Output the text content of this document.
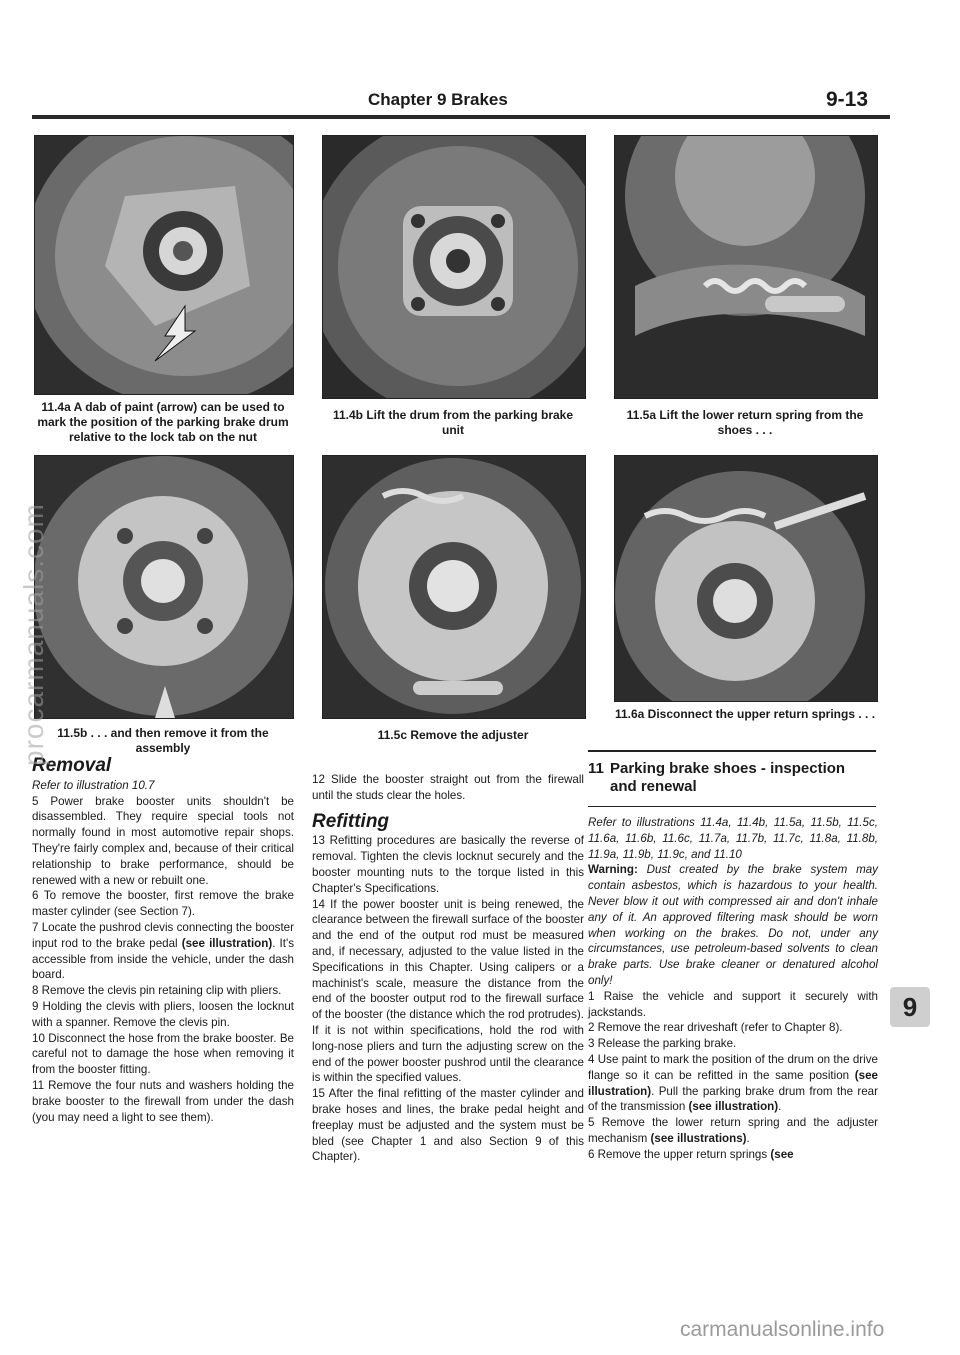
Chapter 9 Brakes	9-13
11.4a A dab of paint (arrow) can be used to mark the position of the parking brake drum relative to the lock tab on the nut
11.4b Lift the drum from the parking brake unit
11.5a Lift the lower return spring from the shoes . . .
11.5b . . . and then remove it from the assembly
11.5c Remove the adjuster
11.6a Disconnect the upper return springs . . .
Removal

Refer to illustration 10.7

5 Power brake booster units shouldn't be disassembled. They require special tools not normally found in most automotive repair shops. They're fairly complex and, because of their critical relationship to brake performance, should be renewed with a new or rebuilt one.

6 To remove the booster, first remove the brake master cylinder (see Section 7).

7 Locate the pushrod clevis connecting the booster input rod to the brake pedal (see illustration). It's accessible from inside the vehicle, under the dash board.

8 Remove the clevis pin retaining clip with pliers.

9 Holding the clevis with pliers, loosen the locknut with a spanner. Remove the clevis pin.

10 Disconnect the hose from the brake booster. Be careful not to damage the hose when removing it from the booster fitting.

11 Remove the four nuts and washers holding the brake booster to the firewall from under the dash (you may need a light to see them).

12 Slide the booster straight out from the firewall until the studs clear the holes.

Refitting

13 Refitting procedures are basically the reverse of removal. Tighten the clevis locknut securely and the booster mounting nuts to the torque listed in this Chapter's Specifications.

14 If the power booster unit is being renewed, the clearance between the firewall surface of the booster and the end of the output rod must be measured and, if necessary, adjusted to the value listed in the Specifications in this Chapter. Using calipers or a machinist's scale, measure the distance from the end of the booster output rod to the firewall surface of the booster (the distance which the rod protrudes). If it is not within specifications, hold the rod with long-nose pliers and turn the adjusting screw on the end of the power booster pushrod until the clearance is within the specified values.

15 After the final refitting of the master cylinder and brake hoses and lines, the brake pedal height and freeplay must be adjusted and the system must be bled (see Chapter 1 and also Section 9 of this Chapter).

11 Parking brake shoes - inspection and renewal

Refer to illustrations 11.4a, 11.4b, 11.5a, 11.5b, 11.5c, 11.6a, 11.6b, 11.6c, 11.7a, 11.7b, 11.7c, 11.8a, 11.8b, 11.9a, 11.9b, 11.9c, and 11.10

Warning: Dust created by the brake system may contain asbestos, which is hazardous to your health. Never blow it out with compressed air and don't inhale any of it. An approved filtering mask should be worn when working on the brakes. Do not, under any circumstances, use petroleum-based solvents to clean brake parts. Use brake cleaner or denatured alcohol only!

1 Raise the vehicle and support it securely with jackstands.

2 Remove the rear driveshaft (refer to Chapter 8).

3 Release the parking brake.

4 Use paint to mark the position of the drum on the drive flange so it can be refitted in the same position (see illustration). Pull the parking brake drum from the rear of the transmission (see illustration).

5 Remove the lower return spring and the adjuster mechanism (see illustrations).

6 Remove the upper return springs (see

9
procarmanuals.com
carmanualsonline.info
